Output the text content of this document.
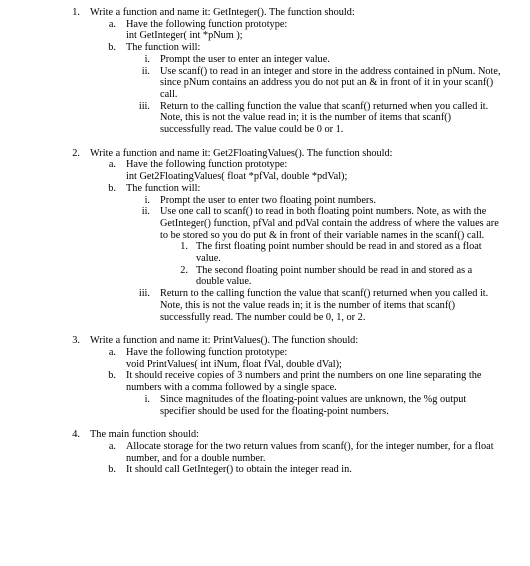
1. Write a function and name it: GetInteger(). The function should:
a. Have the following function prototype:
int GetInteger( int *pNum );
b. The function will:
i. Prompt the user to enter an integer value.
ii. Use scanf() to read in an integer and store in the address contained in pNum. Note, since pNum contains an address you do not put an & in front of it in your scanf() call.
iii. Return to the calling function the value that scanf() returned when you called it. Note, this is not the value read in; it is the number of items that scanf() successfully read. The value could be 0 or 1.
2. Write a function and name it: Get2FloatingValues(). The function should:
a. Have the following function prototype:
int Get2FloatingValues( float *pfVal, double *pdVal);
b. The function will:
i. Prompt the user to enter two floating point numbers.
ii. Use one call to scanf() to read in both floating point numbers. Note, as with the GetInteger() function, pfVal and pdVal contain the address of where the values are to be stored so you do put & in front of their variable names in the scanf() call.
1. The first floating point number should be read in and stored as a float value.
2. The second floating point number should be read in and stored as a double value.
iii. Return to the calling function the value that scanf() returned when you called it. Note, this is not the value reads in; it is the number of items that scanf() successfully read. The number could be 0, 1, or 2.
3. Write a function and name it: PrintValues(). The function should:
a. Have the following function prototype:
void PrintValues( int iNum, float fVal, double dVal);
b. It should receive copies of 3 numbers and print the numbers on one line separating the numbers with a comma followed by a single space.
i. Since magnitudes of the floating-point values are unknown, the %g output specifier should be used for the floating-point numbers.
4. The main function should:
a. Allocate storage for the two return values from scanf(), for the integer number, for a float number, and for a double number.
b. It should call GetInteger() to obtain the integer read in.
